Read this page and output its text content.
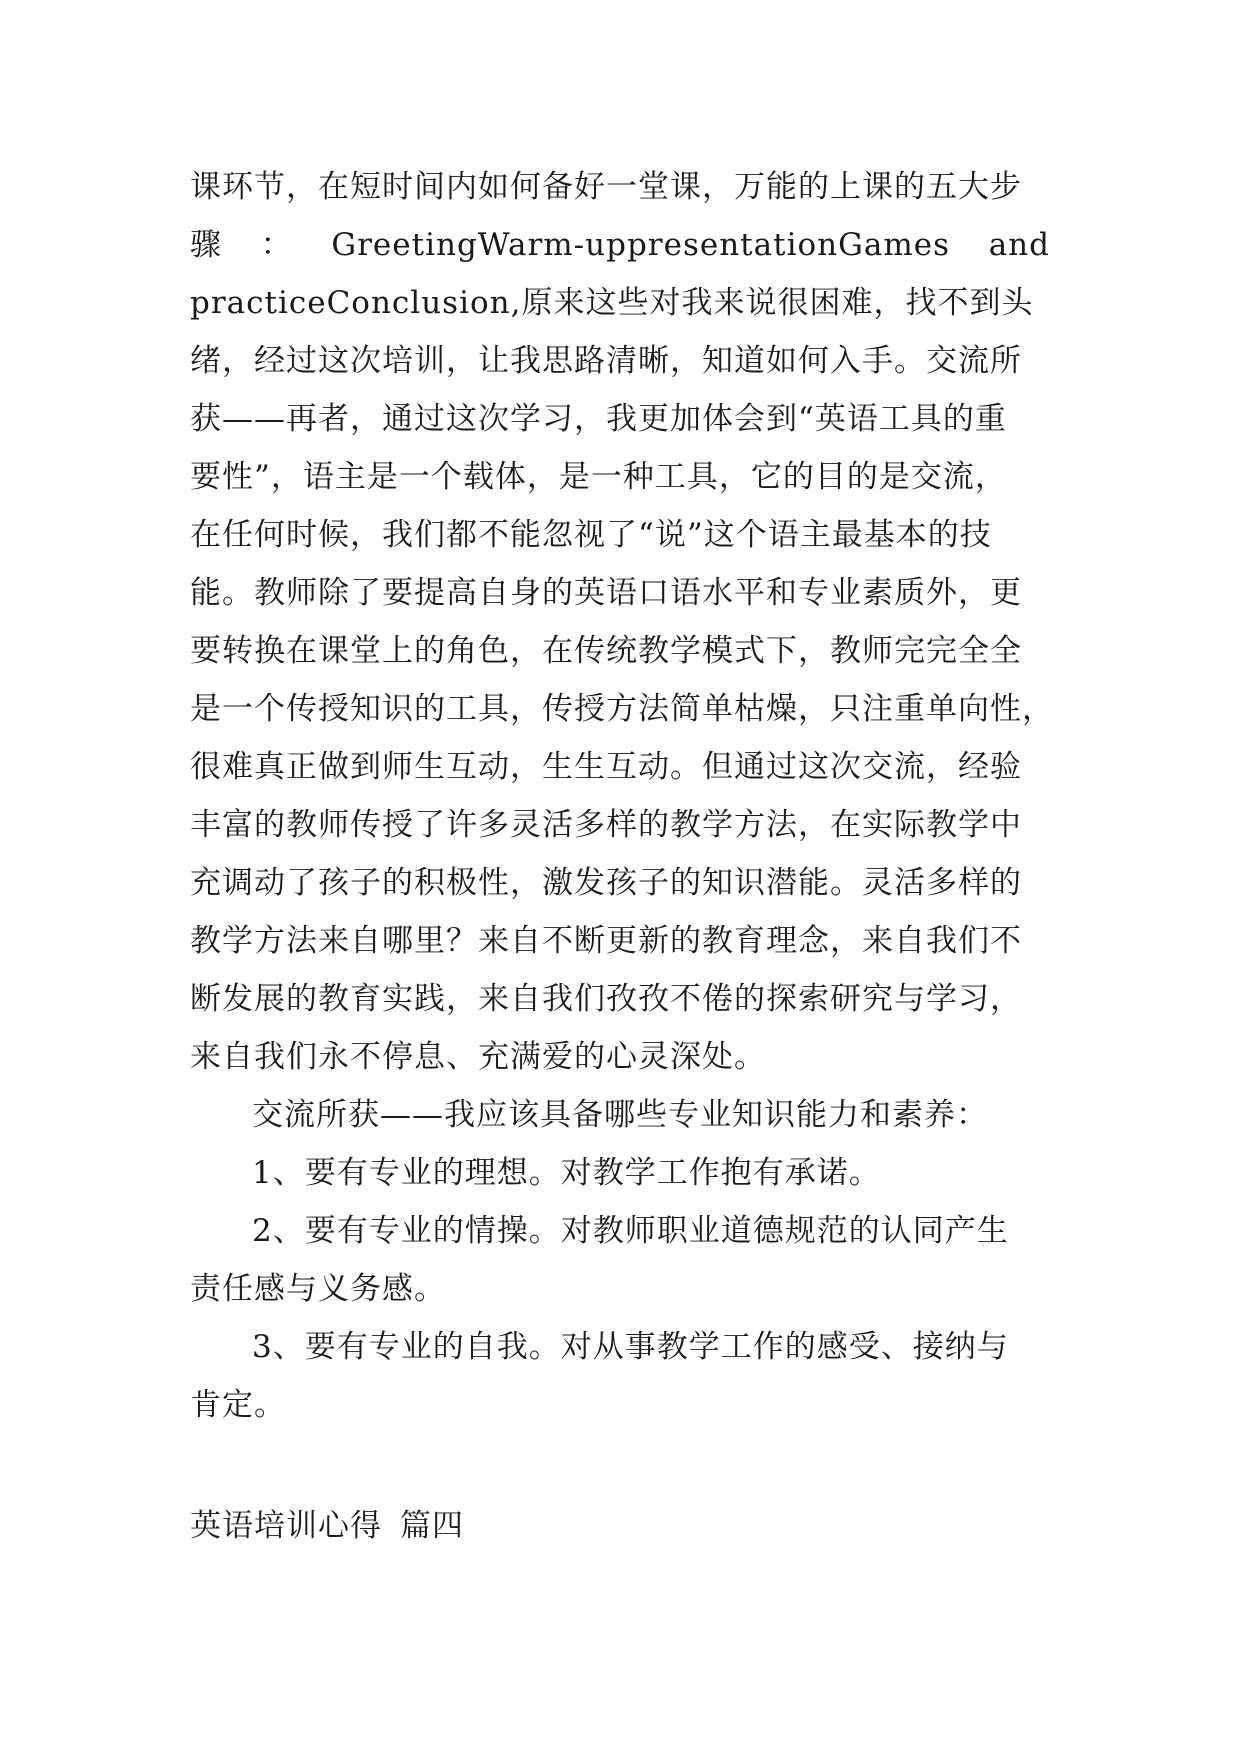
课环节，在短时间内如何备好一堂课，万能的上课的五大步
骤 ： GreetingWarm-uppresentationGames and
practiceConclusion,原来这些对我来说很困难，找不到头
绪，经过这次培训，让我思路清晰，知道如何入手。交流所
获——再者，通过这次学习，我更加体会到“英语工具的重
要性”，语主是一个载体，是一种工具，它的目的是交流，
在任何时候，我们都不能忽视了“说”这个语主最基本的技
能。教师除了要提高自身的英语口语水平和专业素质外，更
要转换在课堂上的角色，在传统教学模式下，教师完完全全
是一个传授知识的工具，传授方法简单枯燥，只注重单向性，
很难真正做到师生互动，生生互动。但通过这次交流，经验
丰富的教师传授了许多灵活多样的教学方法，在实际教学中
充调动了孩子的积极性，激发孩子的知识潜能。灵活多样的
教学方法来自哪里？来自不断更新的教育理念，来自我们不
断发展的教育实践，来自我们孜孜不倦的探索研究与学习，
来自我们永不停息、充满爱的心灵深处。
交流所获——我应该具备哪些专业知识能力和素养：
1、要有专业的理想。对教学工作抱有承诺。
2、要有专业的情操。对教师职业道德规范的认同产生
责任感与义务感。
3、要有专业的自我。对从事教学工作的感受、接纳与
肯定。
英语培训心得 篇四
